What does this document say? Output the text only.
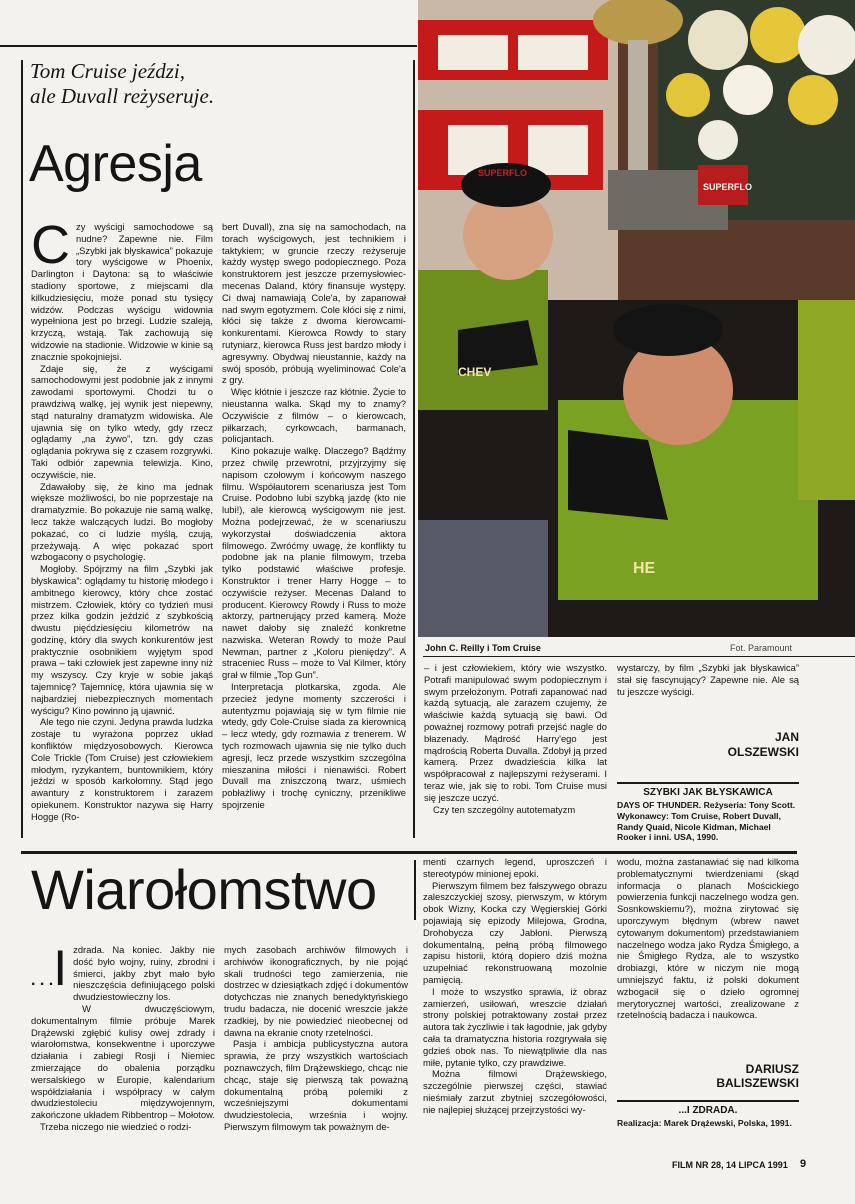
Tom Cruise jeździ,
ale Duvall reżyseruje.
Agresja
C zy wyścigi samochodowe są nudne? Zapewne nie. Film „Szybki jak błyskawica” pokazuje tory wyścigowe w Phoenix, Darlington i Daytona: są to właściwie stadiony sportowe, z miejscami dla kilkudziesięciu, może ponad stu tysięcy widzów. Podczas wyścigu widownia wypełniona jest po brzegi. Ludzie szaleją, krzyczą, wstają. Tak zachowują się widzowie na stadionie. Widzowie w kinie są znacznie spokojniejsi.

Zdaje się, że z wyścigami samochodowymi jest podobnie jak z innymi zawodami sportowymi. Chodzi tu o prawdziwą walkę, jej wynik jest niepewny, stąd naturalny dramatyzm widowiska. Ale ujawnia się on tylko wtedy, gdy rzecz oglądamy „na żywo”, tzn. gdy czas oglądania pokrywa się z czasem rozgrywki. Taki odbiór zapewnia telewizja. Kino, oczywiście, nie.

Zdawałoby się, że kino ma jednak większe możliwości, bo nie poprzestaje na dramatyzmie. Bo pokazuje nie samą walkę, lecz także walczących ludzi. Bo mogłoby pokazać, co ci ludzie myślą, czują, przeżywają. A więc pokazać sport wzbogacony o psychologię.

Mogłoby. Spójrzmy na film „Szybki jak błyskawica”: oglądamy tu historię młodego i ambitnego kierowcy, który chce zostać mistrzem. Człowiek, który co tydzień musi przez kilka godzin jeździć z szybkością dwustu pięćdziesięciu kilometrów na godzinę, który dla swych konkurentów jest praktycznie osobnikiem wyjętym spod prawa – taki człowiek jest zapewne inny niż my wszyscy. Czy kryje w sobie jakąś tajemnicę? Tajemnicę, która ujawnia się w najbardziej niebezpiecznych momentach wyścigu? Kino powinno ją ujawnić.

Ale tego nie czyni. Jedyna prawda ludzka zostaje tu wyrażona poprzez układ konfliktów międzyosobowych. Kierowca Cole Trickle (Tom Cruise) jest człowiekiem młodym, ryzykantem, buntownikiem, który jeździ w sposób karkołomny. Stąd jego awantury z konstruktorem i zarazem opiekunem. Konstruktor nazywa się Harry Hogge (Ro-

bert Duvall), zna się na samochodach, na torach wyścigowych, jest technikiem i taktykiem; w gruncie rzeczy reżyseruje każdy występ swego podopiecznego. Poza konstruktorem jest jeszcze przemysłowiec-mecenas Daland, który finansuje występy. Ci dwaj namawiają Cole'a, by zapanował nad swym egotyzmem. Cole kłóci się z nimi, kłóci się także z dwoma kierowcami-konkurentami. Kierowca Rowdy to stary rutyniarz, kierowca Russ jest bardzo młody i agresywny. Obydwaj nieustannie, każdy na swój sposób, próbują wyeliminować Cole'a z gry.

Więc kłótnie i jeszcze raz kłótnie. Życie to nieustanna walka. Skąd my to znamy? Oczywiście z filmów – o kierowcach, piłkarzach, cyrkowcach, barmanach, policjantach.

Kino pokazuje walkę. Dlaczego? Bądźmy przez chwilę przewrotni, przyjrzyjmy się napisom czołowym i końcowym naszego filmu. Współautorem scenariusza jest Tom Cruise. Podobno lubi szybką jazdę (kto nie lubi!), ale kierowcą wyścigowym nie jest. Można podejrzewać, że w scenariuszu wykorzystał doświadczenia aktora filmowego. Zwróćmy uwagę, że konflikty tu podobne jak na planie filmowym, trzeba tylko podstawić właściwe profesje. Konstruktor i trener Harry Hogge – to oczywiście reżyser. Mecenas Daland to producent. Kierowcy Rowdy i Russ to może aktorzy, partnerujący przed kamerą. Może nawet dałoby się znaleźć konkretne nazwiska. Weteran Rowdy to może Paul Newman, partner z „Koloru pieniędzy”. A straceniec Russ – może to Val Kilmer, który grał w filmie „Top Gun”.

Interpretacja plotkarska, zgoda. Ale przecież jedyne momenty szczerości i autentyzmu pojawiają się w tym filmie nie wtedy, gdy Cole-Cruise siada za kierownicą – lecz wtedy, gdy rozmawia z trenerem. W tych rozmowach ujawnia się nie tylko duch agresji, lecz przede wszystkim szczególna mieszanina miłości i nienawiści. Robert Duvall ma zniszczoną twarz, uśmiech pobłażliwy i trochę cyniczny, przenikliwe spojrzenie

SUPERFLO
SUPERFLO
CHEV
HE
John C. Reilly i Tom Cruise	Fot. Paramount

– i jest człowiekiem, który wie wszystko. Potrafi manipulować swym podopiecznym i swym przełożonym. Potrafi zapanować nad każdą sytuacją, ale zarazem czujemy, że właściwie każdą sytuacją się bawi. Od poważnej rozmowy potrafi przejść nagle do błazenady. Mądrość Harry'ego jest mądrością Roberta Duvalla. Zdobył ją przed kamerą. Przez dwadzieścia kilka lat współpracował z najlepszymi reżyserami. I teraz wie, jak się to robi. Tom Cruise musi się jeszcze uczyć.

Czy ten szczególny autotematyzm

wystarczy, by film „Szybki jak błyskawica” stał się fascynujący? Zapewne nie. Ale są tu jeszcze wyścigi.

JAN
OLSZEWSKI
SZYBKI JAK BŁYSKAWICA
DAYS OF THUNDER. Reżyseria: Tony Scott. Wykonawcy: Tom Cruise, Robert Duvall, Randy Quaid, Nicole Kidman, Michael Rooker i inni. USA, 1990.
Wiarołomstwo
. . .I zdrada. Na koniec. Jakby nie dość było wojny, ruiny, zbrodni i śmierci, jakby zbyt mało było nieszczęścia definiującego polski dwudziestowieczny los.

W dwuczęściowym, dokumentalnym filmie próbuje Marek Drążewski zgłębić kulisy owej zdrady i wiarołomstwa, konsekwentne i uporczywe działania i zabiegi Rosji i Niemiec zmierzające do obalenia porządku wersalskiego w Europie, kalendarium współdziałania i współpracy w całym dwudziestoleciu międzywojennym, zakończone układem Ribbentrop – Mołotow.

Trzeba niczego nie wiedzieć o rodzi-

mych zasobach archiwów filmowych i archiwów ikonograficznych, by nie pojąć skali trudności tego zamierzenia, nie dostrzec w dziesiątkach zdjęć i dokumentów dotychczas nie znanych benedyktyńskiego trudu badacza, nie docenić wreszcie jakże rzadkiej, by nie powiedzieć nieobecnej od dawna na ekranie cnoty rzetelności.

Pasja i ambicja publicystyczna autora sprawia, że przy wszystkich wartościach poznawczych, film Drążewskiego, chcąc nie chcąc, staje się pierwszą tak poważną dokumentalną próbą polemiki z wcześniejszymi dokumentami dwudziestolecia, września i wojny. Pierwszym filmowym tak poważnym de-

menti czarnych legend, uproszczeń i stereotypów minionej epoki.

Pierwszym filmem bez fałszywego obrazu zaleszczyckiej szosy, pierwszym, w którym obok Wizny, Kocka czy Węgierskiej Górki pojawiają się epizody Milejowa, Grodna, Drohobycza czy Jabłoni. Pierwszą dokumentalną, pełną próbą filmowego zapisu historii, którą dopiero dziś można uzupełniać rekonstruowaną mozolnie pamięcią.

I może to wszystko sprawia, iż obraz zamierzeń, usiłowań, wreszcie działań strony polskiej potraktowany został przez autora tak życzliwie i tak łagodnie, jak gdyby cała ta dramatyczna historia rozgrywała się gdzieś obok nas. To niewątpliwie dla nas miłe, pytanie tylko, czy prawdziwe.

Można filmowi Drążewskiego, szczególnie pierwszej części, stawiać nieśmiały zarzut zbytniej szczegółowości, nie najlepiej służącej przejrzystości wy-

wodu, można zastanawiać się nad kilkoma problematycznymi twierdzeniami (skąd informacja o planach Mościckiego powierzenia funkcji naczelnego wodza gen. Sosnkowskiemu?), można zirytować się uporczywym błędnym (wbrew nawet cytowanym dokumentom) przedstawianiem naczelnego wodza jako Rydza Śmigłego, a nie Śmigłego Rydza, ale to wszystko drobiazgi, które w niczym nie mogą umniejszyć faktu, iż polski dokument wzbogacił się o dzieło ogromnej merytorycznej wartości, zrealizowane z rzetelnością badacza i naukowca.

DARIUSZ
BALISZEWSKI
...I ZDRADA.
Realizacja: Marek Drążewski, Polska, 1991.
FILM NR 28, 14 LIPCA 1991 9
